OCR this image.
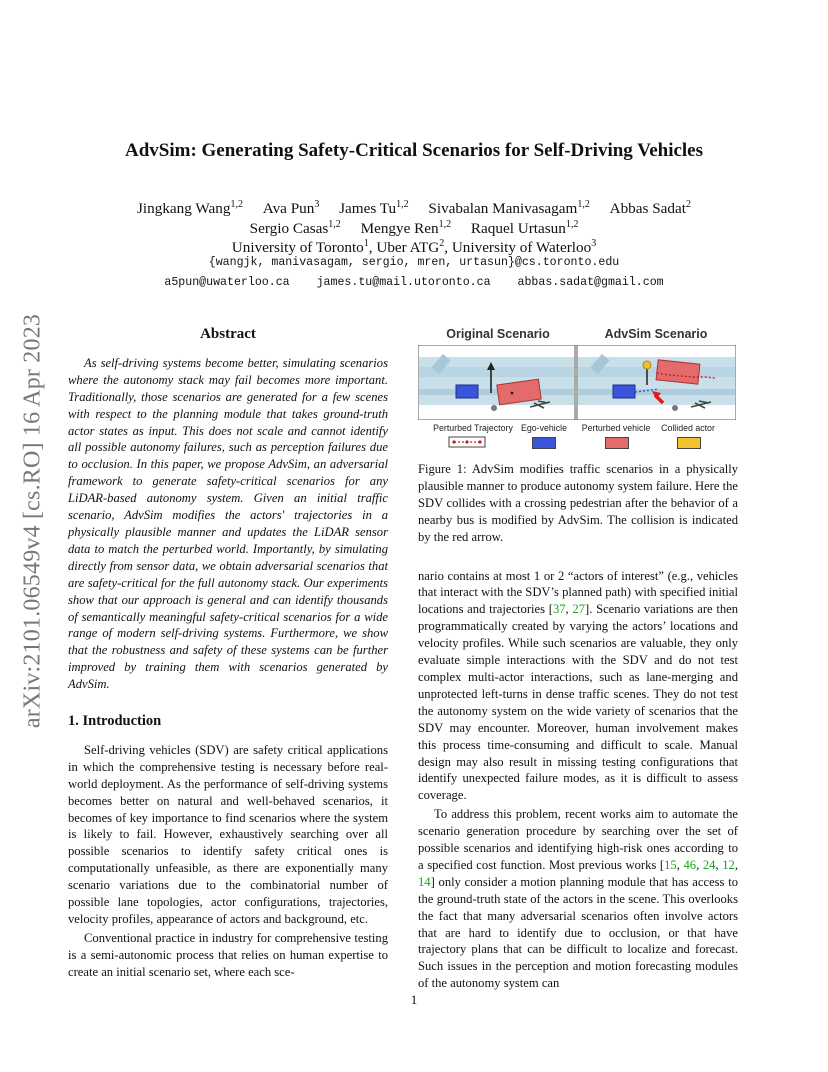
arXiv:2101.06549v4 [cs.RO] 16 Apr 2023
AdvSim: Generating Safety-Critical Scenarios for Self-Driving Vehicles
Jingkang Wang$^{1,2}$ Ava Pun$^3$ James Tu$^{1,2}$ Sivabalan Manivasagam$^{1,2}$ Abbas Sadat$^2$
Sergio Casas$^{1,2}$ Mengye Ren$^{1,2}$ Raquel Urtasun$^{1,2}$
University of Toronto$^1$, Uber ATG$^2$, University of Waterloo$^3$
{wangjk, manivasagam, sergio, mren, urtasun}@cs.toronto.edu
a5pun@uwaterloo.ca james.tu@mail.utoronto.ca abbas.sadat@gmail.com
Abstract

As self-driving systems become better, simulating scenarios where the autonomy stack may fail becomes more important. Traditionally, those scenarios are generated for a few scenes with respect to the planning module that takes ground-truth actor states as input. This does not scale and cannot identify all possible autonomy failures, such as perception failures due to occlusion. In this paper, we propose AdvSim, an adversarial framework to generate safety-critical scenarios for any LiDAR-based autonomy system. Given an initial traffic scenario, AdvSim modifies the actors' trajectories in a physically plausible manner and updates the LiDAR sensor data to match the perturbed world. Importantly, by simulating directly from sensor data, we obtain adversarial scenarios that are safety-critical for the full autonomy stack. Our experiments show that our approach is general and can identify thousands of semantically meaningful safety-critical scenarios for a wide range of modern self-driving systems. Furthermore, we show that the robustness and safety of these systems can be further improved by training them with scenarios generated by AdvSim.

1. Introduction

Self-driving vehicles (SDV) are safety critical applications in which the comprehensive testing is necessary before real-world deployment. As the performance of self-driving systems becomes better on natural and well-behaved scenarios, it becomes of key importance to find scenarios where the system is likely to fail. However, exhaustively searching over all possible scenarios to identify safety critical ones is computationally unfeasible, as there are exponentially many scenario variations due to the combinatorial number of possible lane topologies, actor configurations, trajectories, velocity profiles, appearance of actors and background, etc.

Conventional practice in industry for comprehensive testing is a semi-autonomic process that relies on human expertise to create an initial scenario set, where each sce-

Original Scenario	AdvSim Scenario
Perturbed Trajectory Ego-vehicle	Perturbed vehicle	Collided actor

Figure 1: AdvSim modifies traffic scenarios in a physically plausible manner to produce autonomy system failure. Here the SDV collides with a crossing pedestrian after the behavior of a nearby bus is modified by AdvSim. The collision is indicated by the red arrow.

nario contains at most 1 or 2 “actors of interest” (e.g., vehicles that interact with the SDV’s planned path) with specified initial locations and trajectories [37, 27]. Scenario variations are then programmatically created by varying the actors’ locations and velocity profiles. While such scenarios are valuable, they only evaluate simple interactions with the SDV and do not test complex multi-actor interactions, such as lane-merging and unprotected left-turns in dense traffic scenes. They do not test the autonomy system on the wide variety of scenarios that the SDV may encounter. Moreover, human involvement makes this process time-consuming and difficult to scale. Manual design may also result in missing testing configurations that identify unexpected failure modes, as it is difficult to assess coverage.

To address this problem, recent works aim to automate the scenario generation procedure by searching over the set of possible scenarios and identifying high-risk ones according to a specified cost function. Most previous works [15, 46, 24, 12, 14] only consider a motion planning module that has access to the ground-truth state of the actors in the scene. This overlooks the fact that many adversarial scenarios often involve actors that are hard to identify due to occlusion, or that have trajectory plans that can be difficult to localize and forecast. Such issues in the perception and motion forecasting modules of the autonomy system can

1
